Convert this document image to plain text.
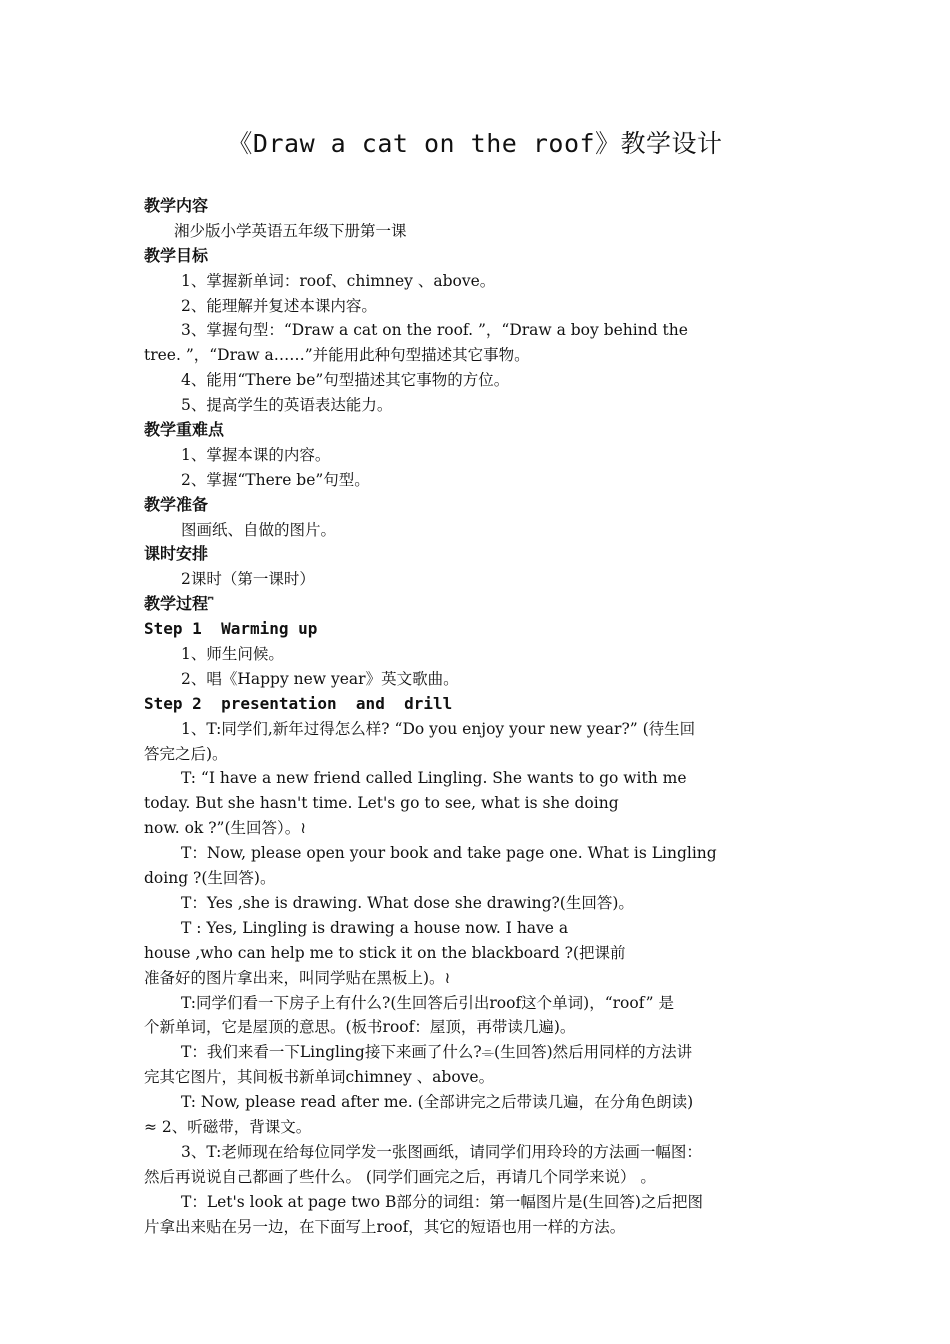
《Draw a cat on the roof》教学设计
教学内容
湘少版小学英语五年级下册第一课
教学目标
1、掌握新单词：roof、chimney 、above。
2、能理解并复述本课内容。
3、掌握句型：“Draw a cat on the roof. ”，“Draw a boy behind the
tree. ”，“Draw a……”并能用此种句型描述其它事物。
4、能用“There be”句型描述其它事物的方位。
5、提高学生的英语表达能力。
教学重难点
1、掌握本课的内容。
2、掌握“There be”句型。
教学准备
图画纸、自做的图片。
课时安排
2课时（第一课时）
教学过程⎴
Step 1  Warming up
1、师生问候。
2、唱《Happy new year》英文歌曲。
Step 2  presentation  and  drill
1、T:同学们,新年过得怎么样? “Do you enjoy your new year?” (待生回
答完之后)。
T: “I have a new friend called Lingling. She wants to go with me
today. But she hasn't time. Let's go to see, what is she doing
now. ok ?”(生回答）。≀
T：Now, please open your book and take page one. What is Lingling
doing ?(生回答)。
T：Yes ,she is drawing. What dose she drawing?(生回答)。
T : Yes, Lingling is drawing a house now. I have a
house ,who can help me to stick it on the blackboard ?(把课前
准备好的图片拿出来，叫同学贴在黑板上)。≀
T:同学们看一下房子上有什么?(生回答后引出roof这个单词)，“roof” 是
个新单词，它是屋顶的意思。(板书roof：屋顶，再带读几遍)。
T：我们来看一下Lingling接下来画了什么?⌯(生回答)然后用同样的方法讲
完其它图片，其间板书新单词chimney 、above。
T: Now, please read after me. (全部讲完之后带读几遍，在分角色朗读)
≈ 2、听磁带，背课文。
3、T:老师现在给每位同学发一张图画纸，请同学们用玲玲的方法画一幅图：
然后再说说自己都画了些什么。 (同学们画完之后，再请几个同学来说） 。
T：Let's look at page two B部分的词组：第一幅图片是(生回答)之后把图
片拿出来贴在另一边，在下面写上roof，其它的短语也用一样的方法。
